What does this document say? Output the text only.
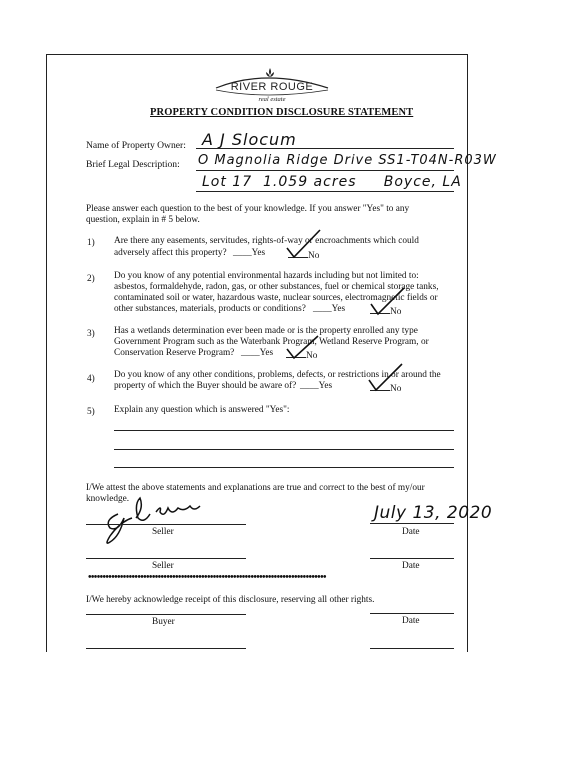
RIVER ROUGE
real estate
PROPERTY CONDITION DISCLOSURE STATEMENT
Name of Property Owner: A J Slocum
Brief Legal Description: O Magnolia Ridge Drive SS1-T04N-R03W
Lot 17  1.059 acres     Boyce, LA
Please answer each question to the best of your knowledge. If you answer "Yes" to any
question, explain in # 5 below.
1) Are there any easements, servitudes, rights-of-way or encroachments which could
adversely affect this property? ____Yes	No
2) Do you know of any potential environmental hazards including but not limited to:
asbestos, formaldehyde, radon, gas, or other substances, fuel or chemical storage tanks,
contaminated soil or water, hazardous waste, nuclear sources, electromagnetic fields or
other substances, materials, products or conditions? ____Yes	No
3) Has a wetlands determination ever been made or is the property enrolled any type
Government Program such as the Waterbank Program, Wetland Reserve Program, or
Conservation Reserve Program? ____Yes	No
4) Do you know of any other conditions, problems, defects, or restrictions in or around the
property of which the Buyer should be aware of? ____Yes	No
5) Explain any question which is answered "Yes":
I/We attest the above statements and explanations are true and correct to the best of my/our
knowledge.
Seller
July 13, 2020
Date
Seller	Date
••••••••••••••••••••••••••••••••••••••••••••••••••••••••••••••••••••••••••••••••••
I/We hereby acknowledge receipt of this disclosure, reserving all other rights.
Buyer	Date
